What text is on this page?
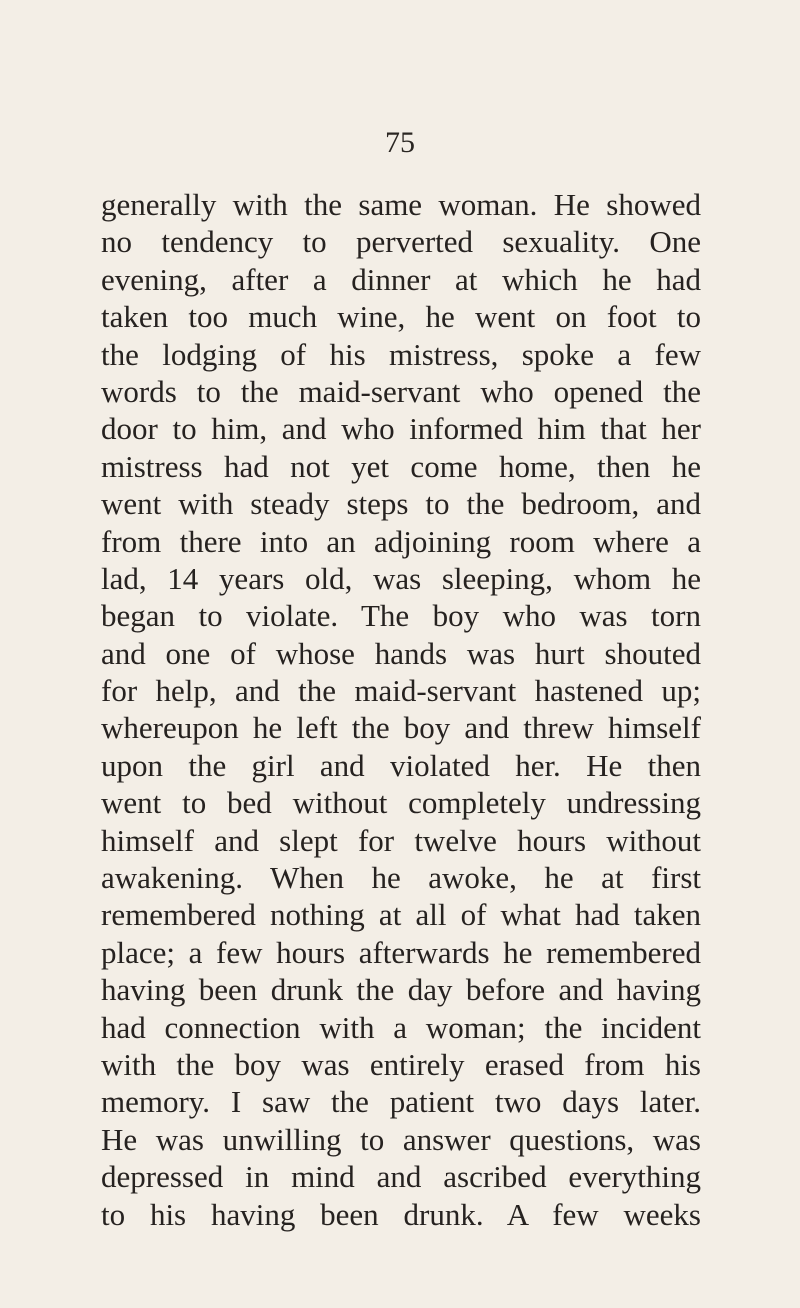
75
generally with the same woman. He showed
no tendency to perverted sexuality. One
evening, after a dinner at which he had
taken too much wine, he went on foot to
the lodging of his mistress, spoke a few
words to the maid-servant who opened the
door to him, and who informed him that her
mistress had not yet come home, then he
went with steady steps to the bedroom, and
from there into an adjoining room where a
lad, 14 years old, was sleeping, whom he
began to violate. The boy who was torn
and one of whose hands was hurt shouted
for help, and the maid-servant hastened up;
whereupon he left the boy and threw himself
upon the girl and violated her. He then
went to bed without completely undressing
himself and slept for twelve hours without
awakening. When he awoke, he at first
remembered nothing at all of what had taken
place; a few hours afterwards he remembered
having been drunk the day before and having
had connection with a woman; the incident
with the boy was entirely erased from his
memory. I saw the patient two days later.
He was unwilling to answer questions, was
depressed in mind and ascribed everything
to his having been drunk. A few weeks
